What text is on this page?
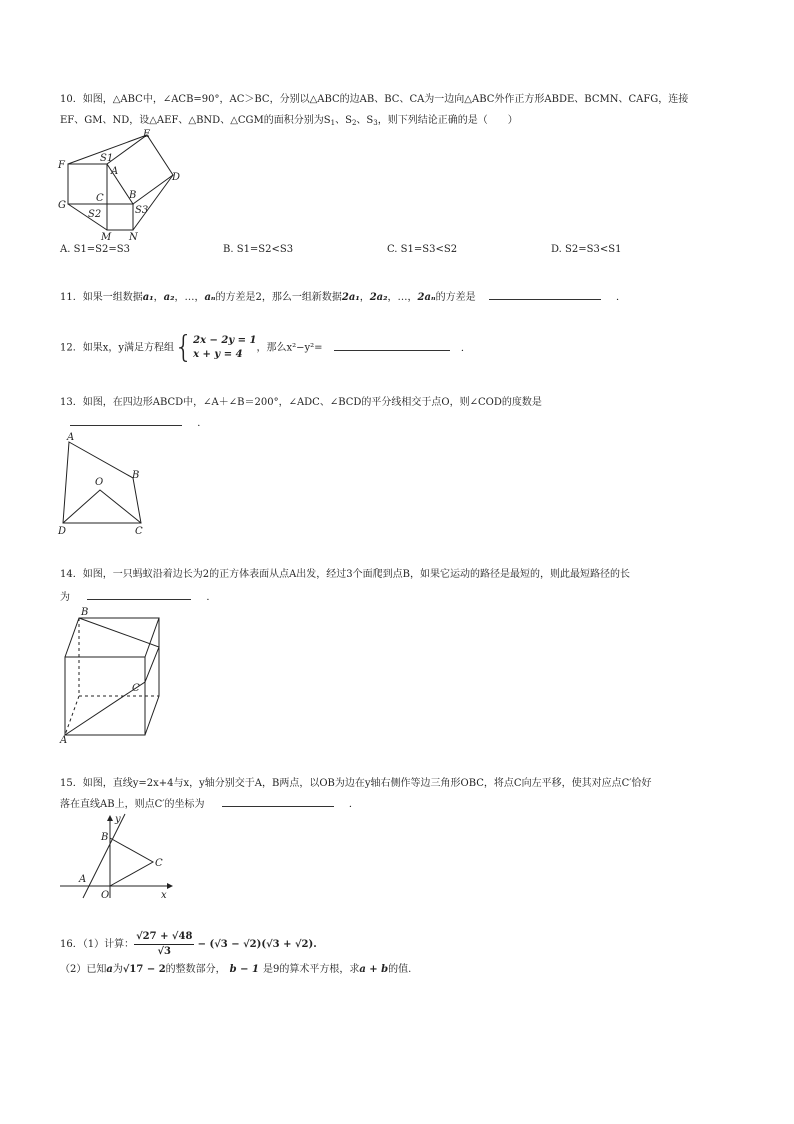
10．如图，△ABC中，∠ACB=90°，AC＞BC，分别以△ABC的边AB、BC、CA为一边向△ABC外作正方形ABDE、BCMN、CAFG，连接
EF、GM、ND，设△AEF、△BND、△CGM的面积分别为$S_1$、$S_2$、$S_3$，则下列结论正确的是（　　）
E
F
S1
A
D
C	B
G
S2	S3
M N
A. S1=S2=S3	B. S1=S2<S3	C. S1=S3<S2	D. S2=S3<S1
11．如果一组数据a₁，a₂，…，aₙ的方差是2，那么一组新数据2a₁，2a₂，…，2aₙ的方差是	．
12．如果x，y满足方程组{2x − 2y = 1
x + y = 4，那么x²−y²=	．
13．如图，在四边形ABCD中，∠A＋∠B＝200°，∠ADC、∠BCD的平分线相交于点O，则∠COD的度数是
．
A
B
O
D	C
14．如图，一只蚂蚁沿着边长为2的正方体表面从点A出发，经过3个面爬到点B，如果它运动的路径是最短的，则此最短路径的长
为	．
B
C
A
15．如图，直线y=2x+4与x，y轴分别交于A，B两点，以OB为边在y轴右侧作等边三角形OBC，将点C向左平移，使其对应点C′恰好
落在直线AB上，则点C′的坐标为	．
y
B
C
A
O	x
16．（1）计算： $\frac{√27 + √48}{√3} - (√3 - √2)(√3 + √2)$.
（2）已知a为√17 − 2的整数部分， b − 1 是9的算术平方根，求a + b的值.
